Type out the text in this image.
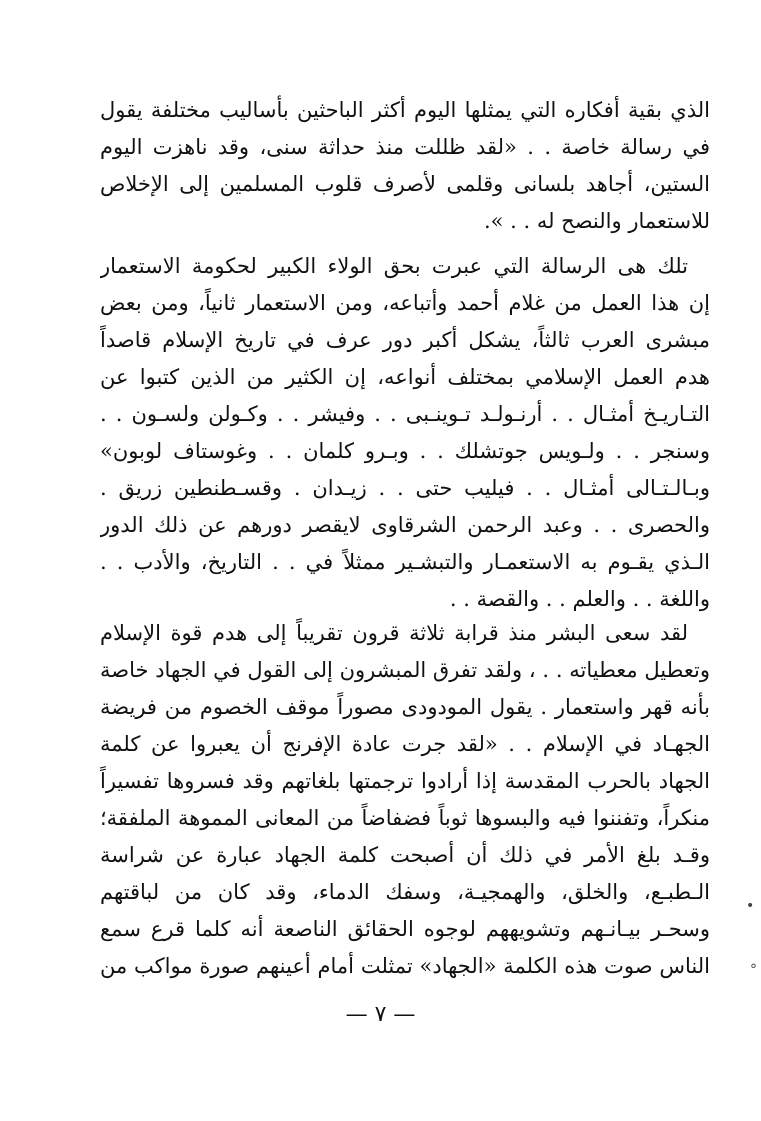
الذي بقية أفكاره التي يمثلها اليوم أكثر الباحثين بأساليب مختلفة يقول
في رسالة خاصة . . «لقد ظللت منذ حداثة سنى، وقد ناهزت اليوم
الستين، أجاهد بلسانى وقلمى لأصرف قلوب المسلمين إلى الإخلاص
للاستعمار والنصح له . . ».
تلك هى الرسالة التي عبرت بحق الولاء الكبير لحكومة الاستعمار
إن هذا العمل من غلام أحمد وأتباعه، ومن الاستعمار ثانياً، ومن بعض
مبشرى العرب ثالثاً، يشكل أكبر دور عرف في تاريخ الإسلام قاصداً
هدم العمل الإسلامي بمختلف أنواعه، إن الكثير من الذين كتبوا عن
التـاريـخ أمثـال . . أرنـولـد تـوينـبى . . وفيشر . . وكـولن ولسـون . .
وسنجر . . ولـويس جوتشلك . . وبـرو كلمان . . وغوستاف لوبون»
وبـالـتـالى أمثـال . . فيليب حتى . . زيـدان . وقسـطنطين زريق .
والحصرى . . وعبد الرحمن الشرقاوى لايقصر دورهم عن ذلك الدور
الـذي يقـوم به الاستعمـار والتبشـير ممثلاً في . . التاريخ، والأدب . .
واللغة . . والعلم . . والقصة . .
لقد سعى البشر منذ قرابة ثلاثة قرون تقريباً إلى هدم قوة الإسلام
وتعطيل معطياته . . ، ولقد تفرق المبشرون إلى القول في الجهاد خاصة
بأنه قهر واستعمار . يقول المودودى مصوراً موقف الخصوم من فريضة
الجهـاد في الإسلام . . «لقد جرت عادة الإفرنج أن يعبروا عن كلمة
الجهاد بالحرب المقدسة إذا أرادوا ترجمتها بلغاتهم وقد فسروها تفسيراً
منكراً، وتفننوا فيه والبسوها ثوباً فضفاضاً من المعانى المموهة الملفقة؛
وقـد بلغ الأمر في ذلك أن أصبحت كلمة الجهاد عبارة عن شراسة
الـطبـع، والخلق، والهمجيـة، وسفك الدماء، وقد كان من لباقتهم
وسحـر بيـانـهم وتشويههم لوجوه الحقائق الناصعة أنه كلما قرع سمع
الناس صوت هذه الكلمة «الجهاد» تمثلت أمام أعينهم صورة مواكب من
— ٧ —
•
°
